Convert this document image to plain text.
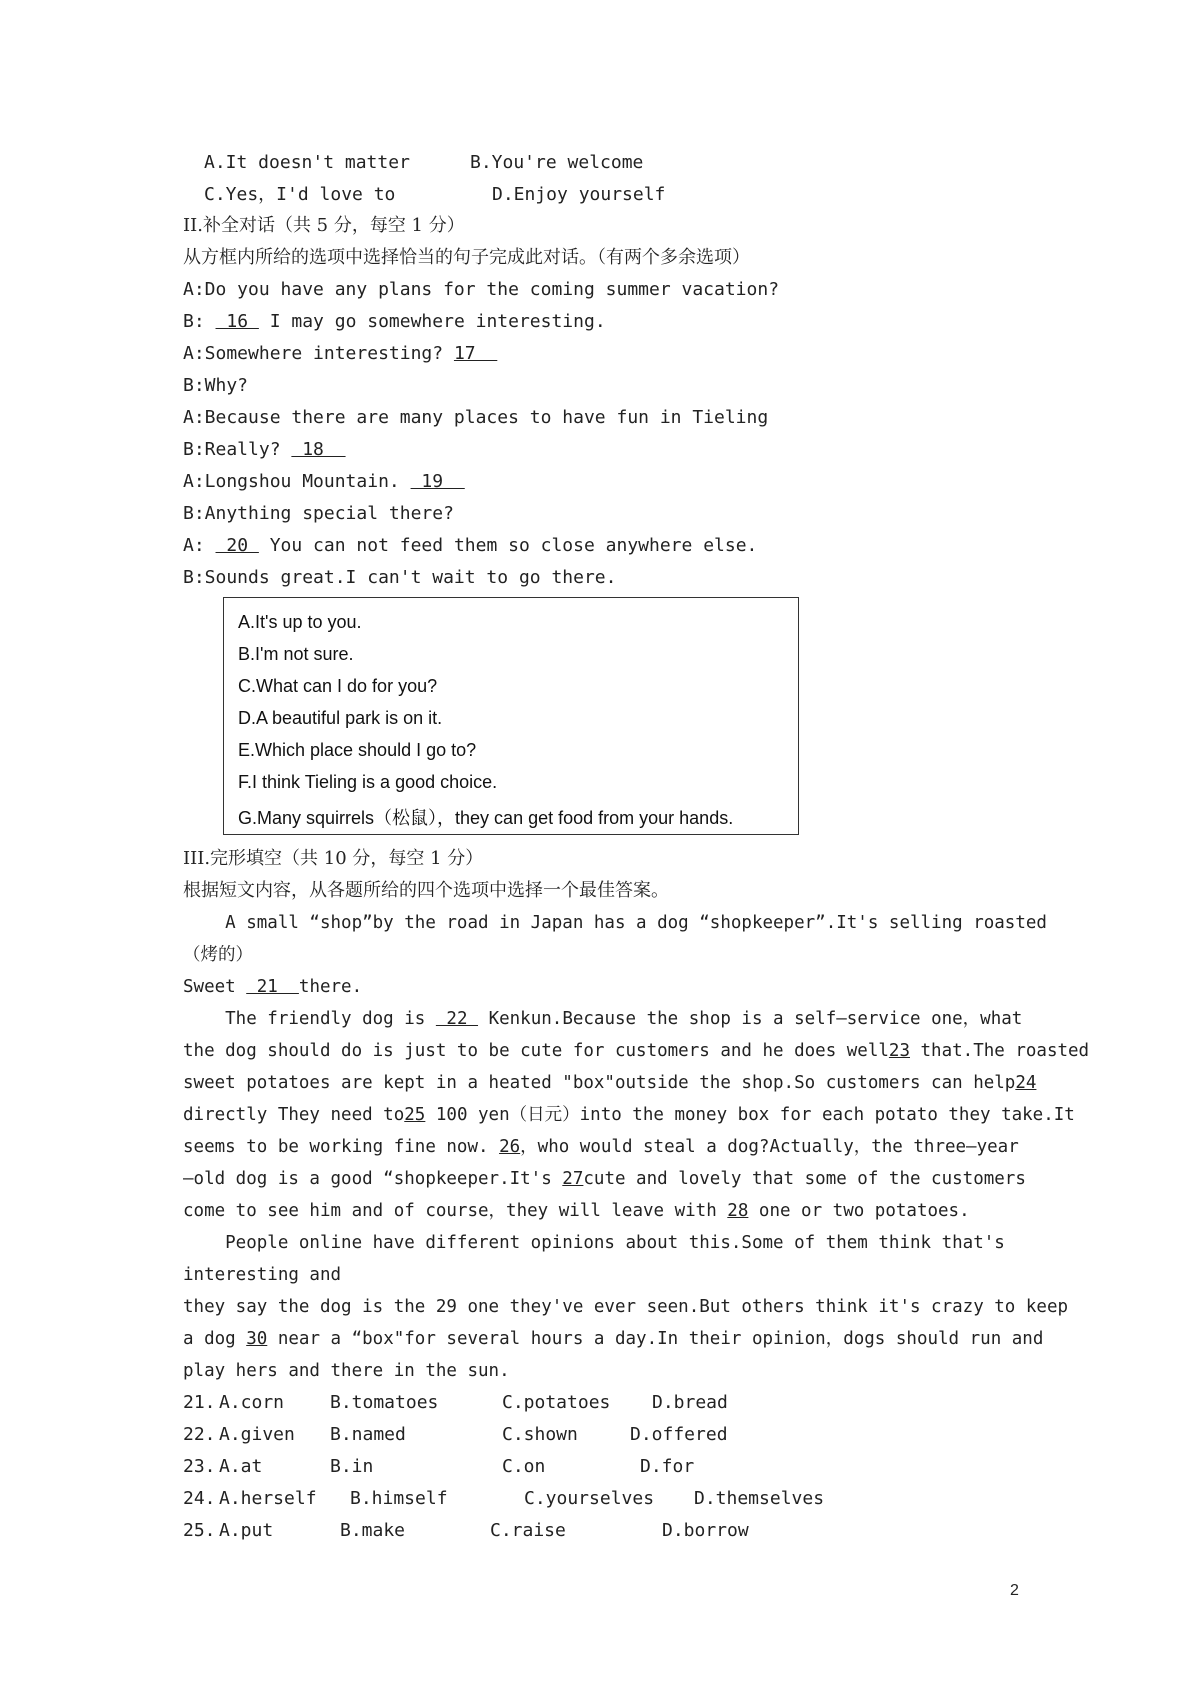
A.It doesn't matter	B.You're welcome
C.Yes，I'd love to	D.Enjoy yourself
II.补全对话（共 5 分，每空 1 分）
从方框内所给的选项中选择恰当的句子完成此对话。（有两个多余选项）
A:Do you have any plans for the coming summer vacation?
B:  16  I may go somewhere interesting.
A:Somewhere interesting? 17
B:Why?
A:Because there are many places to have fun in Tieling
B:Really?  18
A:Longshou Mountain.  19
B:Anything special there?
A:  20  You can not feed them so close anywhere else.
B:Sounds great.I can't wait to go there.
A.It's up to you.
B.I'm not sure.
C.What can I do for you?
D.A beautiful park is on it.
E.Which place should I go to?
F.I think Tieling is a good choice.
G.Many squirrels（松鼠），they can get food from your hands.
III.完形填空（共 10 分，每空 1 分）
根据短文内容，从各题所给的四个选项中选择一个最佳答案。
A small “shop”by the road in Japan has a dog “shopkeeper”.It's selling roasted
（烤的）
Sweet  21  there.
The friendly dog is  22  Kenkun.Because the shop is a self—service one，what
the dog should do is just to be cute for customers and he does well23 that.The roasted
sweet potatoes are kept in a heated "box"outside the shop.So customers can help24
directly They need to25 100 yen（日元）into the money box for each potato they take.It
seems to be working fine now. 26，who would steal a dog?Actually，the three—year
—old dog is a good “shopkeeper.It's 27cute and lovely that some of the customers
come to see him and of course，they will leave with 28 one or two potatoes.
People online have different opinions about this.Some of them think that's
interesting and
they say the dog is the 29 one they've ever seen.But others think it's crazy to keep
a dog 30 near a “box"for several hours a day.In their opinion，dogs should run and
play hers and there in the sun.
21. A.corn	B.tomatoes	C.potatoes D.bread
22. A.given B.named	C.shown	D.offered
23. A.at	B.in	C.on	D.for
24. A.herself B.himself	C.yourselves D.themselves
25. A.put	B.make	C.raise	D.borrow
2
